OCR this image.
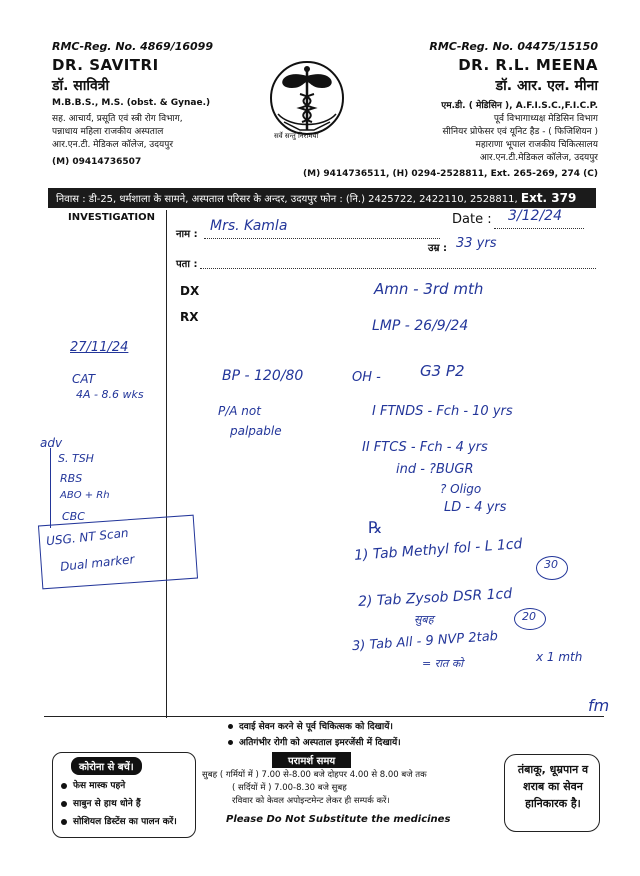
RMC-Reg. No. 4869/16099
DR. SAVITRI
डॉ. सावित्री
M.B.B.S., M.S. (obst. & Gynae.)
सह. आचार्य, प्रसूति एवं स्त्री रोग विभाग,
पन्नाधाय महिला राजकीय अस्पताल
आर.एन.टी. मेडिकल कॉलेज, उदयपुर
(M) 09414736507
सर्वे सन्तु निरामया
RMC-Reg. No. 04475/15150
DR. R.L. MEENA
डॉ. आर. एल. मीना
एम.डी. ( मेडिसिन ), A.F.I.S.C.,F.I.C.P.
पूर्व विभागाध्यक्ष मेडिसिन विभाग
सीनियर प्रोफेसर एवं यूनिट हैड - ( फिजिशियन )
महाराणा भूपाल राजकीय चिकित्सालय
आर.एन.टी.मेडिकल कॉलेज, उदयपुर
(M) 9414736511, (H) 0294-2528811, Ext. 265-269, 274 (C)
निवास : डी-25, धर्मशाला के सामने, अस्पताल परिसर के अन्दर, उदयपुर फोन : (नि.) 2425722, 2422110, 2528811, Ext. 379
INVESTIGATION
नाम :
Date :
उम्र :
पता :
DX
RX
Mrs. Kamla
3/12/24
33 yrs
Amn - 3rd mth
LMP - 26/9/24
27/11/24
CAT
4A - 8.6 wks
adv
S. TSH
RBS
ABO + Rh
CBC
USG. NT Scan
Dual marker
BP - 120/80
P/A not
palpable
OH -	G3 P2
I FTNDS - Fch - 10 yrs
II FTCS - Fch - 4 yrs
ind - ?BUGR
? Oligo
LD - 4 yrs
℞
1) Tab Methyl fol - L 1cd
30
2) Tab Zysob DSR 1cd
सुबह	20
3) Tab All - 9 NVP 2tab
= रात को	x 1 mth
fm
दवाई सेवन करने से पूर्व चिकित्सक को दिखायें।
अतिगंभीर रोगी को अस्पताल इमरजेंसी में दिखायें।
कोरोना से बचें।
फेस मास्क पहने
साबुन से हाथ धोने हैं
सोशियल डिस्टेंस का पालन करें।
परामर्श समय
सुबह ( गर्मियों में ) 7.00 से-8.00 बजे दोहपर 4.00 से 8.00 बजे तक
( सर्दियों में ) 7.00-8.30 बजे सुबह
रविवार को केवल अपोइन्टमेन्ट लेकर ही सम्पर्क करें।
Please Do Not Substitute the medicines
तंबाकू, धूम्रपान व शराब का सेवन हानिकारक है।
